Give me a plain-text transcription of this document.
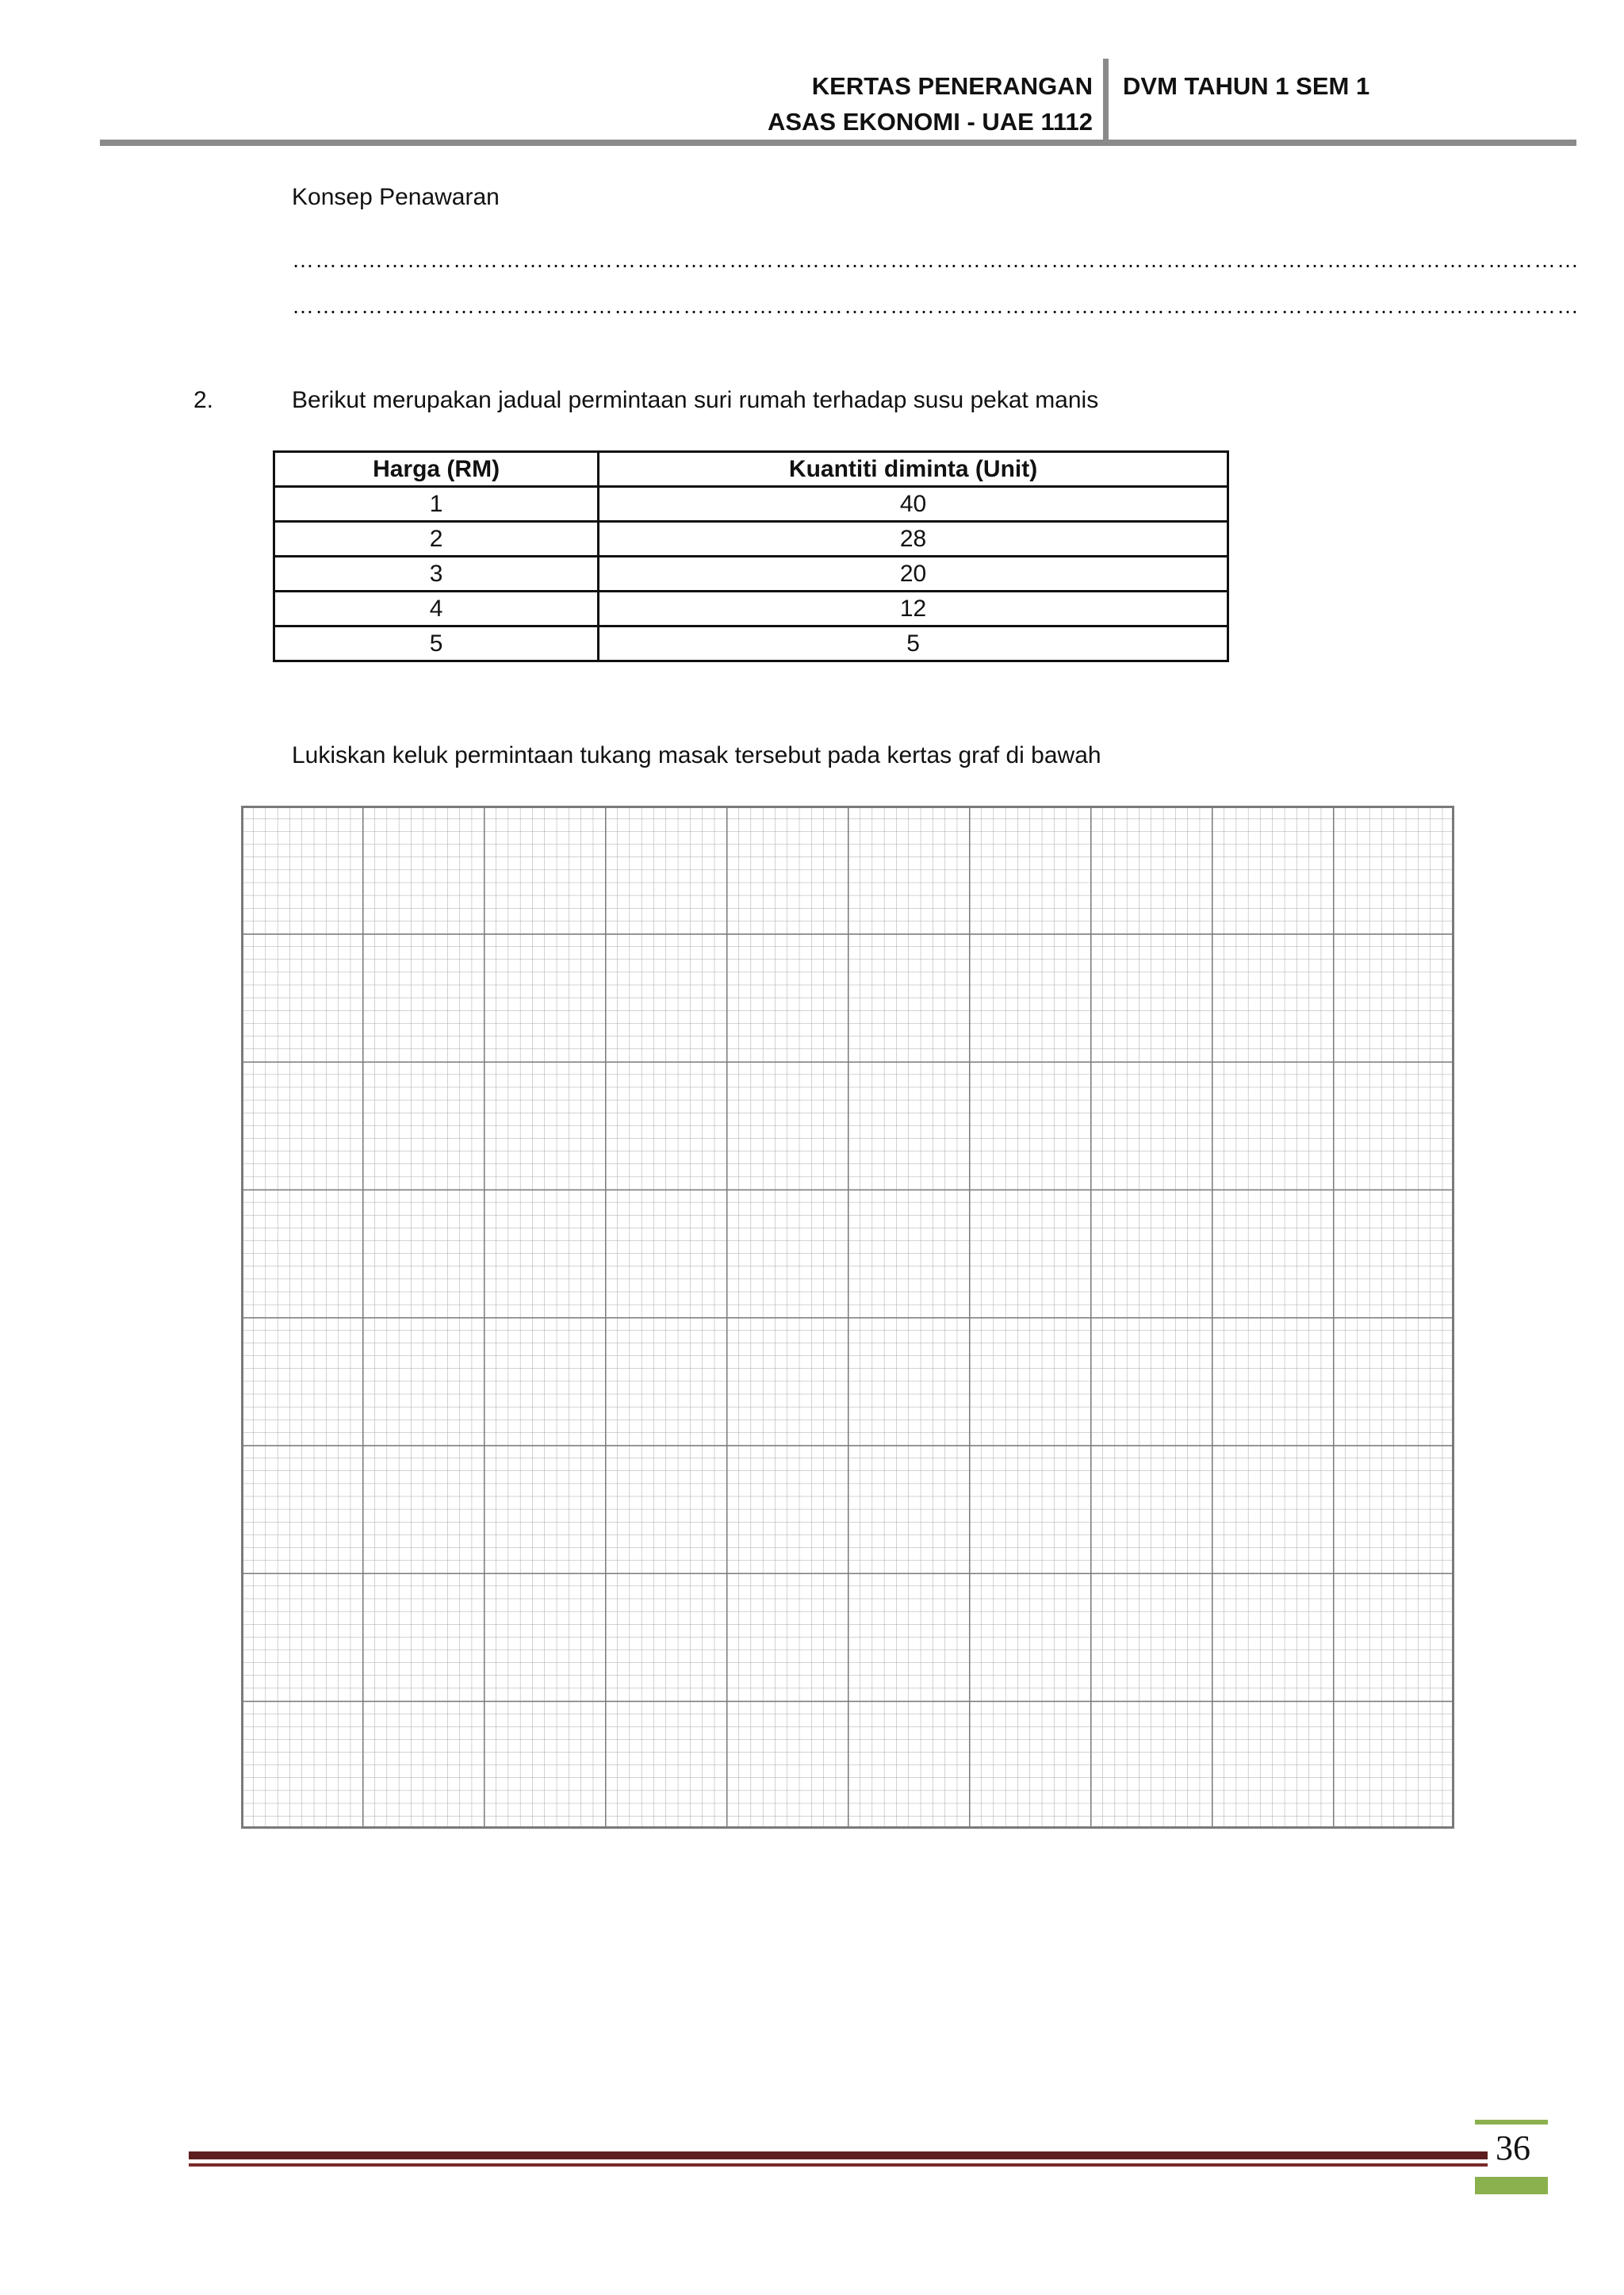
KERTAS PENERANGAN
ASAS EKONOMI - UAE 1112
DVM TAHUN 1 SEM 1
Konsep Penawaran
……………………………………………………………………………………………………………………………………………………
……………………………………………………………………………………………………………………………………………………
2.	Berikut merupakan jadual permintaan suri rumah terhadap susu pekat manis
Harga (RM)	Kuantiti diminta (Unit)
1	40
2	28
3	20
4	12
5	5
Lukiskan keluk permintaan tukang masak tersebut pada kertas graf di bawah
36
